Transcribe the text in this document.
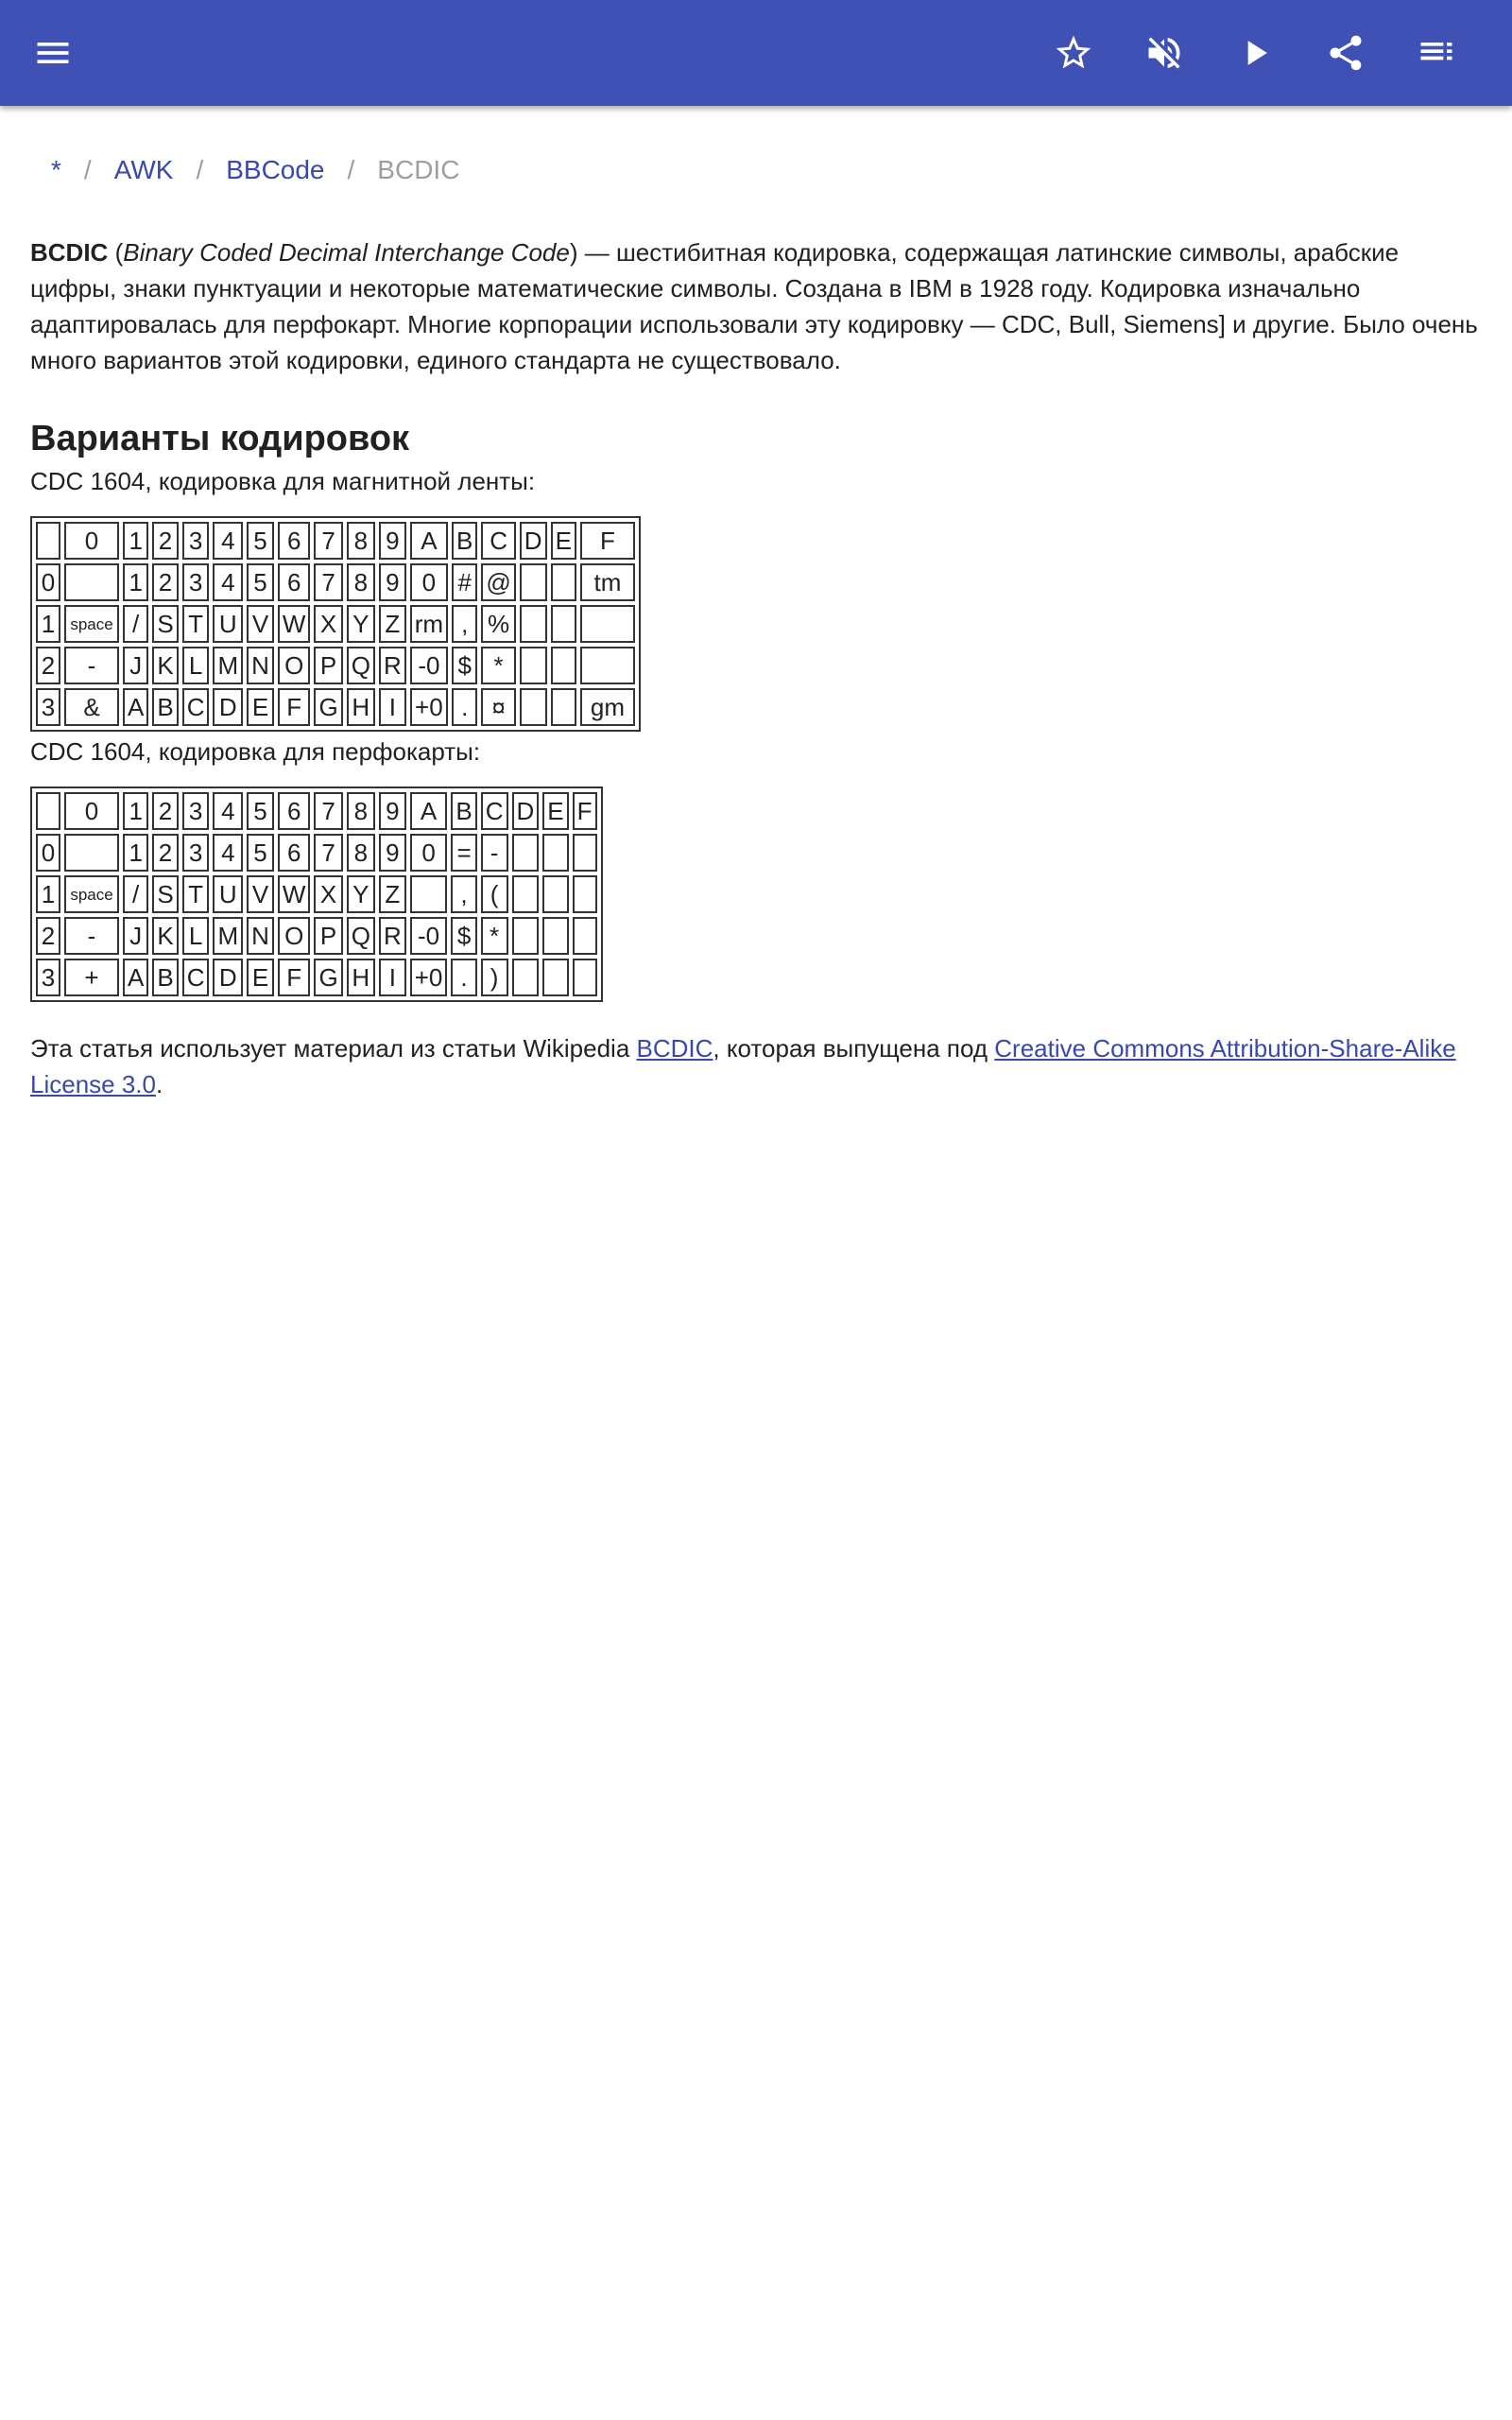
* / AWK / BBCode / BCDIC

BCDIC (Binary Coded Decimal Interchange Code) — шестибитная кодировка, содержащая латинские символы, арабские цифры, знаки пунктуации и некоторые математические символы. Создана в IBM в 1928 году. Кодировка изначально адаптировалась для перфокарт. Многие корпорации использовали эту кодировку — CDC, Bull, Siemens] и другие. Было очень много вариантов этой кодировки, единого стандарта не существовало.

Варианты кодировок

CDC 1604, кодировка для магнитной ленты:

	0	1	2	3	4	5	6	7	8	9	A	B	C	D	E	F
0		1	2	3	4	5	6	7	8	9	0	#	@			tm
1	space	/	S	T	U	V	W	X	Y	Z	rm	,	%			
2	-	J	K	L	M	N	O	P	Q	R	-0	$	*			
3	&	A	B	C	D	E	F	G	H	I	+0	.	¤			gm

CDC 1604, кодировка для перфокарты:

	0	1	2	3	4	5	6	7	8	9	A	B	C	D	E	F
0		1	2	3	4	5	6	7	8	9	0	=	-			
1	space	/	S	T	U	V	W	X	Y	Z		,	(			
2	-	J	K	L	M	N	O	P	Q	R	-0	$	*			
3	+	A	B	C	D	E	F	G	H	I	+0	.	)			

Эта статья использует материал из статьи Wikipedia BCDIC, которая выпущена под Creative Commons Attribution-Share-Alike License 3.0.
